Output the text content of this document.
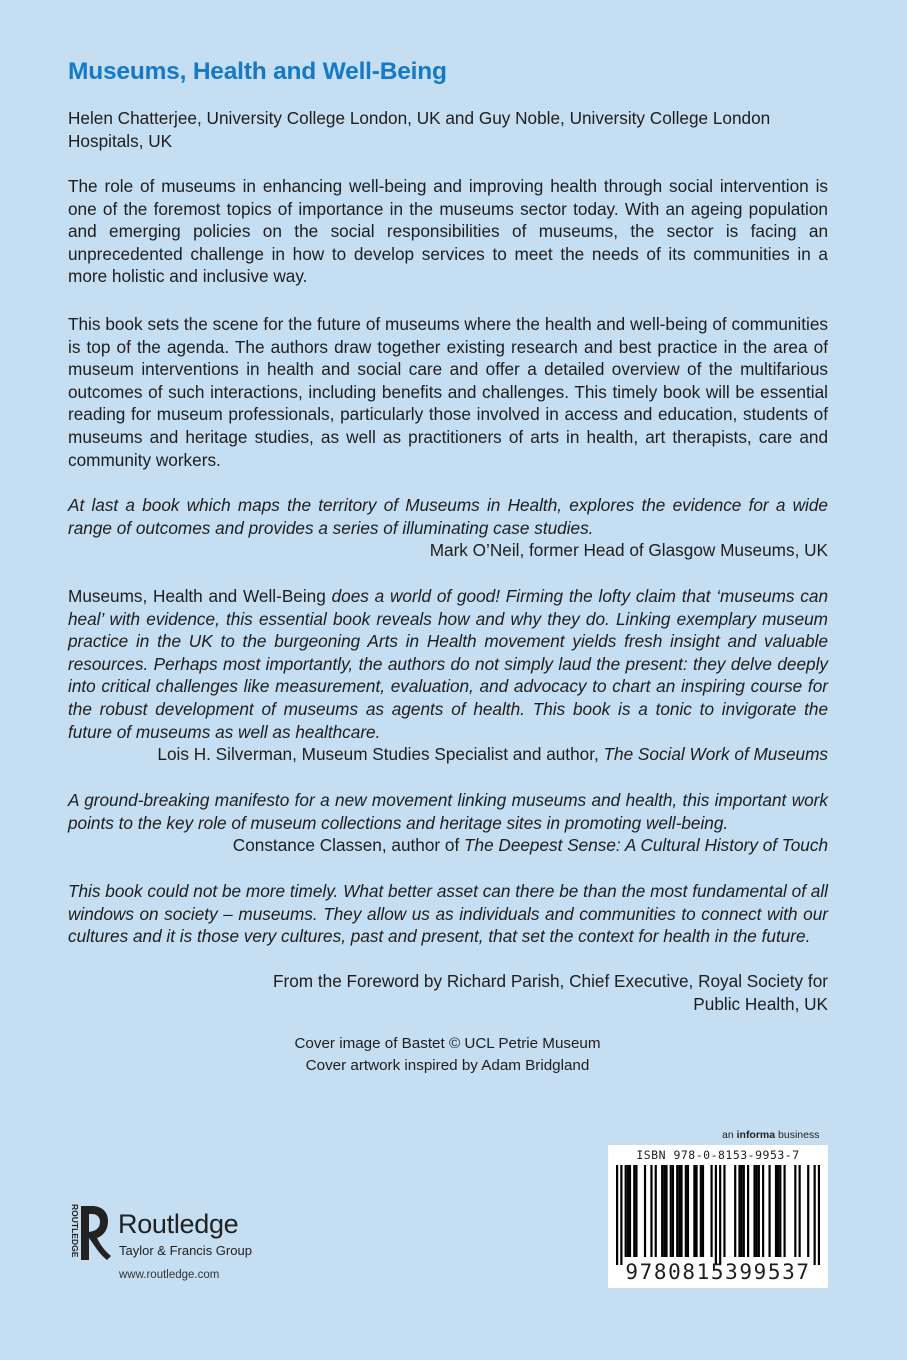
Museums, Health and Well-Being
Helen Chatterjee, University College London, UK and Guy Noble, University College London Hospitals, UK
The role of museums in enhancing well-being and improving health through social intervention is one of the foremost topics of importance in the museums sector today. With an ageing population and emerging policies on the social responsibilities of museums, the sector is facing an unprecedented challenge in how to develop services to meet the needs of its communities in a more holistic and inclusive way.
This book sets the scene for the future of museums where the health and well-being of communities is top of the agenda. The authors draw together existing research and best practice in the area of museum interventions in health and social care and offer a detailed overview of the multifarious outcomes of such interactions, including benefits and challenges. This timely book will be essential reading for museum professionals, particularly those involved in access and education, students of museums and heritage studies, as well as practitioners of arts in health, art therapists, care and community workers.
At last a book which maps the territory of Museums in Health, explores the evidence for a wide range of outcomes and provides a series of illuminating case studies.
Mark O’Neil, former Head of Glasgow Museums, UK
Museums, Health and Well-Being does a world of good! Firming the lofty claim that ‘museums can heal’ with evidence, this essential book reveals how and why they do. Linking exemplary museum practice in the UK to the burgeoning Arts in Health movement yields fresh insight and valuable resources. Perhaps most importantly, the authors do not simply laud the present: they delve deeply into critical challenges like measurement, evaluation, and advocacy to chart an inspiring course for the robust development of museums as agents of health. This book is a tonic to invigorate the future of museums as well as healthcare.
Lois H. Silverman, Museum Studies Specialist and author, The Social Work of Museums
A ground-breaking manifesto for a new movement linking museums and health, this important work points to the key role of museum collections and heritage sites in promoting well-being.
Constance Classen, author of The Deepest Sense: A Cultural History of Touch
This book could not be more timely. What better asset can there be than the most fundamental of all windows on society – museums. They allow us as individuals and communities to connect with our cultures and it is those very cultures, past and present, that set the context for health in the future.
From the Foreword by Richard Parish, Chief Executive, Royal Society for
Public Health, UK
Cover image of Bastet © UCL Petrie Museum
Cover artwork inspired by Adam Bridgland
an informa business
ISBN 978-0-8153-9953-7
9780815399537
ROUTLEDGE Routledge
Taylor & Francis Group
www.routledge.com
